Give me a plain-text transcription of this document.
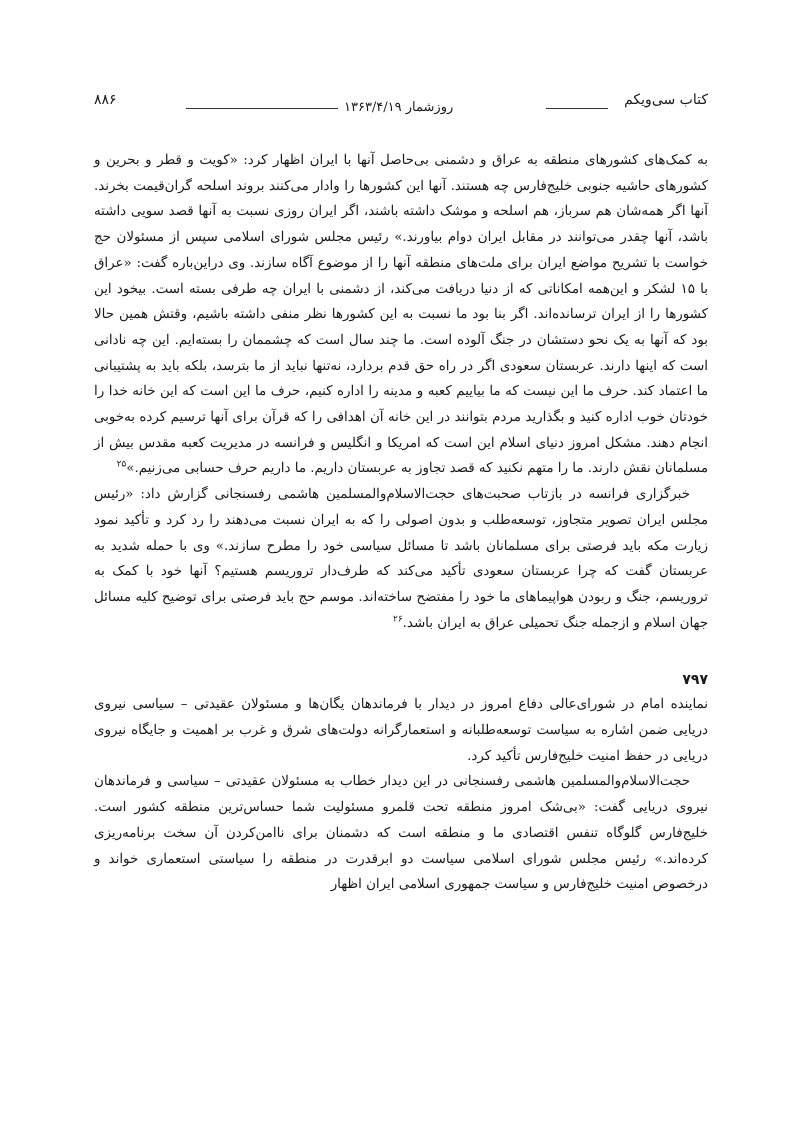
۸۸۶	روزشمار ۱۳۶۳/۴/۱۹	کتاب سی‌ویکم

به کمک‌های کشورهای منطقه به عراق و دشمنی بی‌حاصل آنها با ایران اظهار کرد: «کویت و قطر و بحرین و کشورهای حاشیه جنوبی خلیج‌فارس چه هستند. آنها این کشورها را وادار می‌کنند بروند اسلحه گران‌قیمت بخرند. آنها اگر همه‌شان هم سرباز، هم اسلحه و موشک داشته باشند، اگر ایران روزی نسبت به آنها قصد سویی داشته باشد، آنها چقدر می‌توانند در مقابل ایران دوام بیاورند.» رئیس مجلس شورای اسلامی سپس از مسئولان حج خواست با تشریح مواضع ایران برای ملت‌های منطقه آنها را از موضوع آگاه سازند. وی دراین‌باره گفت: «عراق با ۱۵ لشکر و این‌همه امکاناتی که از دنیا دریافت می‌کند، از دشمنی با ایران چه طرفی بسته است. بیخود این کشورها را از ایران ترسانده‌اند. اگر بنا بود ما نسبت به این کشورها نظر منفی داشته باشیم، وقتش همین حالا بود که آنها به یک نحو دستشان در جنگ آلوده است. ما چند سال است که چشممان را بسته‌ایم. این چه نادانی است که اینها دارند. عربستان سعودی اگر در راه حق قدم بردارد، نه‌تنها نباید از ما بترسد، بلکه باید به پشتیبانی ما اعتماد کند. حرف ما این نیست که ما بیاییم کعبه و مدینه را اداره کنیم، حرف ما این است که این خانه خدا را خودتان خوب اداره کنید و بگذارید مردم بتوانند در این خانه آن اهدافی را که قرآن برای آنها ترسیم کرده به‌خوبی انجام دهند. مشکل امروز دنیای اسلام این است که امریکا و انگلیس و فرانسه در مدیریت کعبه مقدس بیش از مسلمانان نقش دارند. ما را متهم نکنید که قصد تجاوز به عربستان داریم. ما داریم حرف حسابی می‌زنیم.»$^{۲۵}$

خبرگزاری فرانسه در بازتاب صحبت‌های حجت‌الاسلام‌والمسلمین هاشمی رفسنجانی گزارش داد: «رئیس مجلس ایران تصویر متجاوز، توسعه‌طلب و بدون اصولی را که به ایران نسبت می‌دهند را رد کرد و تأکید نمود زیارت مکه باید فرصتی برای مسلمانان باشد تا مسائل سیاسی خود را مطرح سازند.» وی با حمله شدید به عربستان گفت که چرا عربستان سعودی تأکید می‌کند که طرف‌دار تروریسم هستیم؟ آنها خود با کمک به تروریسم، جنگ و ربودن هواپیماهای ما خود را مفتضح ساخته‌اند. موسم حج باید فرصتی برای توضیح کلیه مسائل جهان اسلام و ازجمله جنگ تحمیلی عراق به ایران باشد.$^{۲۶}$

۷۹۷

نماینده امام در شورای‌عالی دفاع امروز در دیدار با فرماندهان یگان‌ها و مسئولان عقیدتی – سیاسی نیروی دریایی ضمن اشاره به سیاست توسعه‌طلبانه و استعمارگرانه دولت‌های شرق و غرب بر اهمیت و جایگاه نیروی دریایی در حفظ امنیت خلیج‌فارس تأکید کرد.

حجت‌الاسلام‌والمسلمین هاشمی رفسنجانی در این دیدار خطاب به مسئولان عقیدتی – سیاسی و فرماندهان نیروی دریایی گفت: «بی‌شک امروز منطقه تحت قلمرو مسئولیت شما حساس‌ترین منطقه کشور است. خلیج‌فارس گلوگاه تنفس اقتصادی ما و منطقه است که دشمنان برای ناامن‌کردن آن سخت برنامه‌ریزی کرده‌اند.» رئیس مجلس شورای اسلامی سیاست دو ابرقدرت در منطقه را سیاستی استعماری خواند و درخصوص امنیت خلیج‌فارس و سیاست جمهوری اسلامی ایران اظهار
